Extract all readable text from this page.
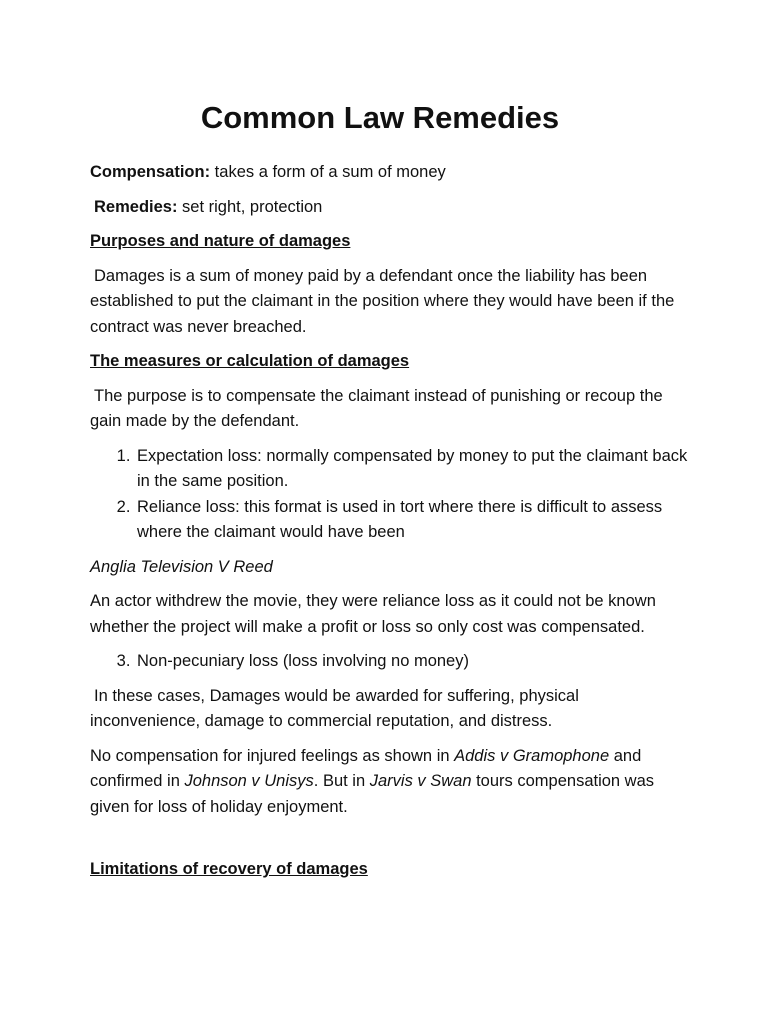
Common Law Remedies

Compensation: takes a form of a sum of money

Remedies: set right, protection

Purposes and nature of damages

Damages is a sum of money paid by a defendant once the liability has been established to put the claimant in the position where they would have been if the contract was never breached.

The measures or calculation of damages

The purpose is to compensate the claimant instead of punishing or recoup the gain made by the defendant.

1. Expectation loss: normally compensated by money to put the claimant back in the same position.
2. Reliance loss: this format is used in tort where there is difficult to assess where the claimant would have been

Anglia Television V Reed

An actor withdrew the movie, they were reliance loss as it could not be known whether the project will make a profit or loss so only cost was compensated.

3. Non-pecuniary loss (loss involving no money)

In these cases, Damages would be awarded for suffering, physical inconvenience, damage to commercial reputation, and distress.

No compensation for injured feelings as shown in Addis v Gramophone and confirmed in Johnson v Unisys. But in Jarvis v Swan tours compensation was given for loss of holiday enjoyment.

Limitations of recovery of damages
